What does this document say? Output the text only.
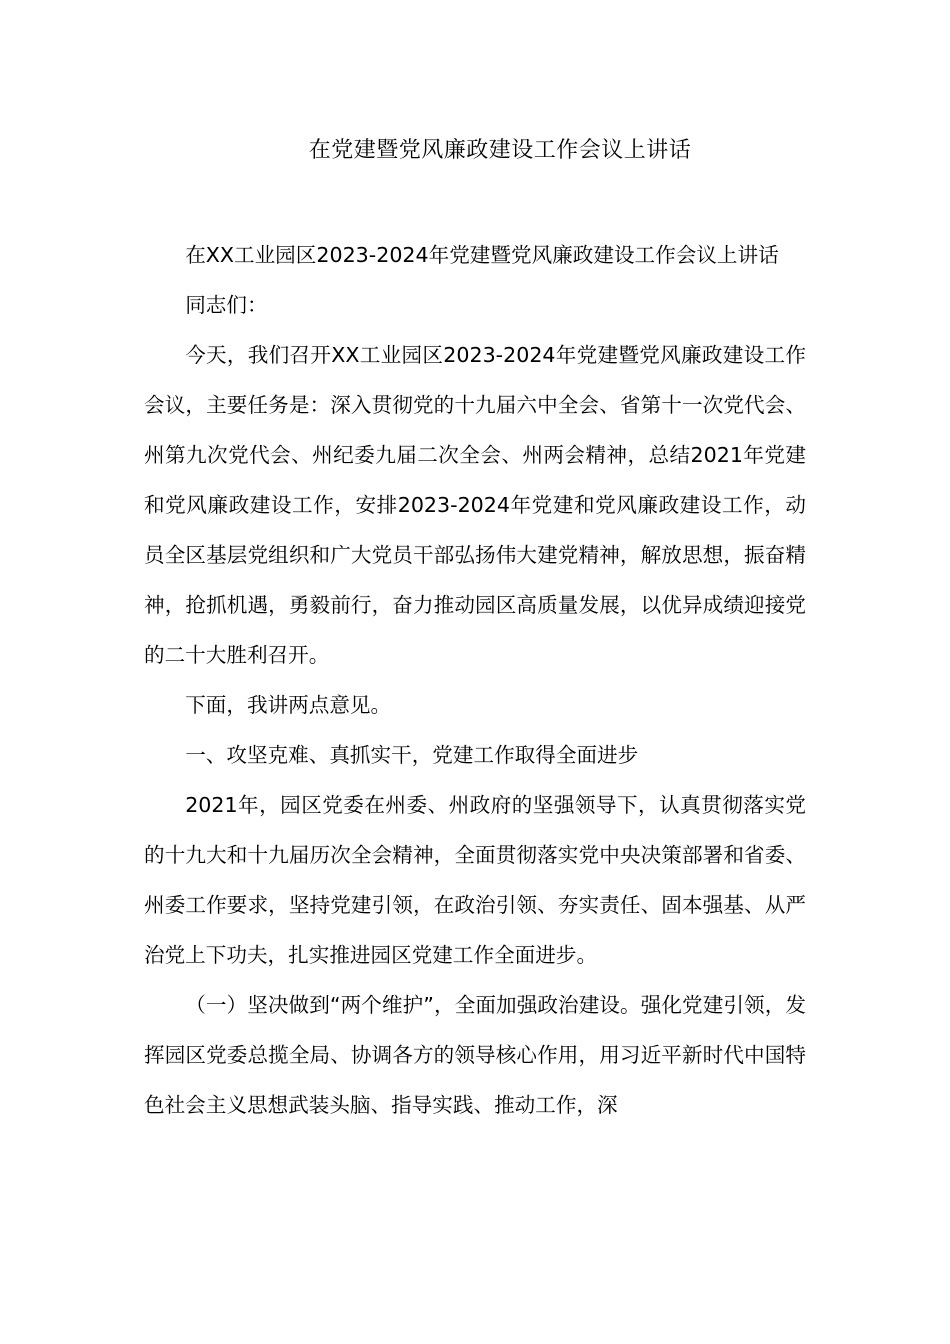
在党建暨党风廉政建设工作会议上讲话

在XX工业园区2023-2024年党建暨党风廉政建设工作会议上讲话

同志们：

今天，我们召开XX工业园区2023-2024年党建暨党风廉政建设工作会议，主要任务是：深入贯彻党的十九届六中全会、省第十一次党代会、州第九次党代会、州纪委九届二次全会、州两会精神，总结2021年党建和党风廉政建设工作，安排2023-2024年党建和党风廉政建设工作，动员全区基层党组织和广大党员干部弘扬伟大建党精神，解放思想，振奋精神，抢抓机遇，勇毅前行，奋力推动园区高质量发展，以优异成绩迎接党的二十大胜利召开。

下面，我讲两点意见。

一、攻坚克难、真抓实干，党建工作取得全面进步

2021年，园区党委在州委、州政府的坚强领导下，认真贯彻落实党的十九大和十九届历次全会精神，全面贯彻落实党中央决策部署和省委、州委工作要求，坚持党建引领，在政治引领、夯实责任、固本强基、从严治党上下功夫，扎实推进园区党建工作全面进步。

（一）坚决做到“两个维护”，全面加强政治建设。强化党建引领，发挥园区党委总揽全局、协调各方的领导核心作用，用习近平新时代中国特色社会主义思想武装头脑、指导实践、推动工作，深
